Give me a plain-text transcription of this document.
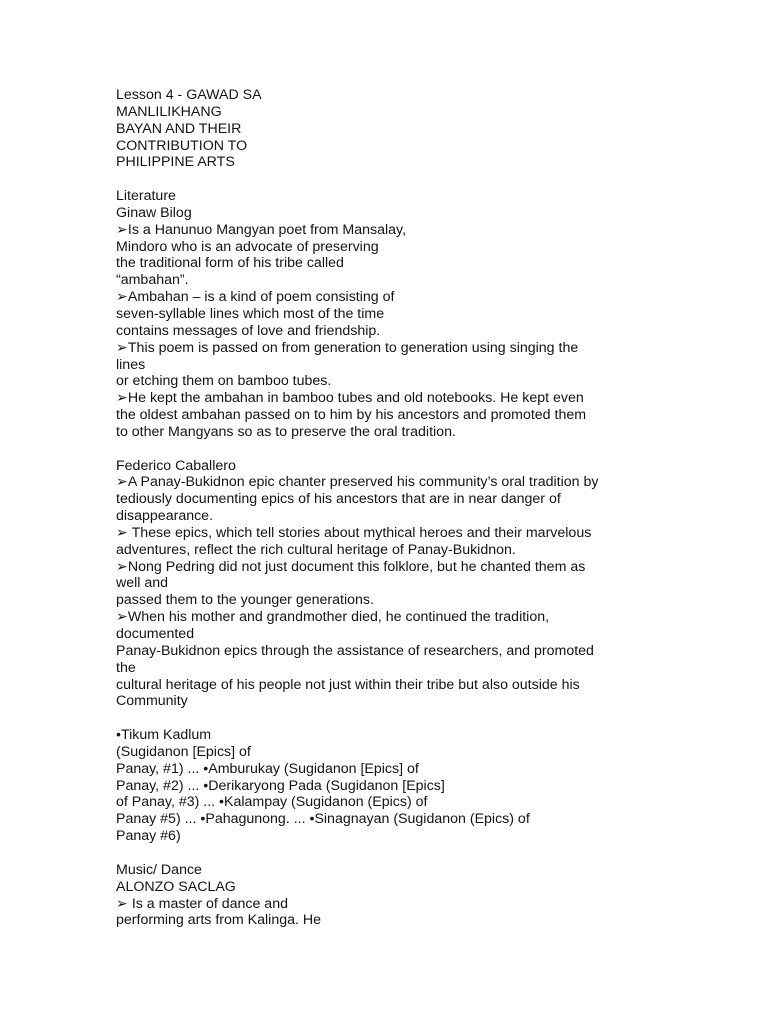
Lesson 4 - GAWAD SA
MANLILIKHANG
BAYAN AND THEIR
CONTRIBUTION TO
PHILIPPINE ARTS
Literature
Ginaw Bilog
➢Is a Hanunuo Mangyan poet from Mansalay,
Mindoro who is an advocate of preserving
the traditional form of his tribe called
“ambahan”.
➢Ambahan – is a kind of poem consisting of
seven-syllable lines which most of the time
contains messages of love and friendship.
➢This poem is passed on from generation to generation using singing the
lines
or etching them on bamboo tubes.
➢He kept the ambahan in bamboo tubes and old notebooks. He kept even
the oldest ambahan passed on to him by his ancestors and promoted them
to other Mangyans so as to preserve the oral tradition.
Federico Caballero
➢A Panay-Bukidnon epic chanter preserved his community’s oral tradition by
tediously documenting epics of his ancestors that are in near danger of
disappearance.
➢ These epics, which tell stories about mythical heroes and their marvelous
adventures, reflect the rich cultural heritage of Panay-Bukidnon.
➢Nong Pedring did not just document this folklore, but he chanted them as
well and
passed them to the younger generations.
➢When his mother and grandmother died, he continued the tradition,
documented
Panay-Bukidnon epics through the assistance of researchers, and promoted
the
cultural heritage of his people not just within their tribe but also outside his
Community
•Tikum Kadlum
(Sugidanon [Epics] of
Panay, #1) ... •Amburukay (Sugidanon [Epics] of
Panay, #2) ... •Derikaryong Pada (Sugidanon [Epics]
of Panay, #3) ... •Kalampay (Sugidanon (Epics) of
Panay #5) ... •Pahagunong. ... •Sinagnayan (Sugidanon (Epics) of
Panay #6)
Music/ Dance
ALONZO SACLAG
➢ Is a master of dance and
performing arts from Kalinga. He
